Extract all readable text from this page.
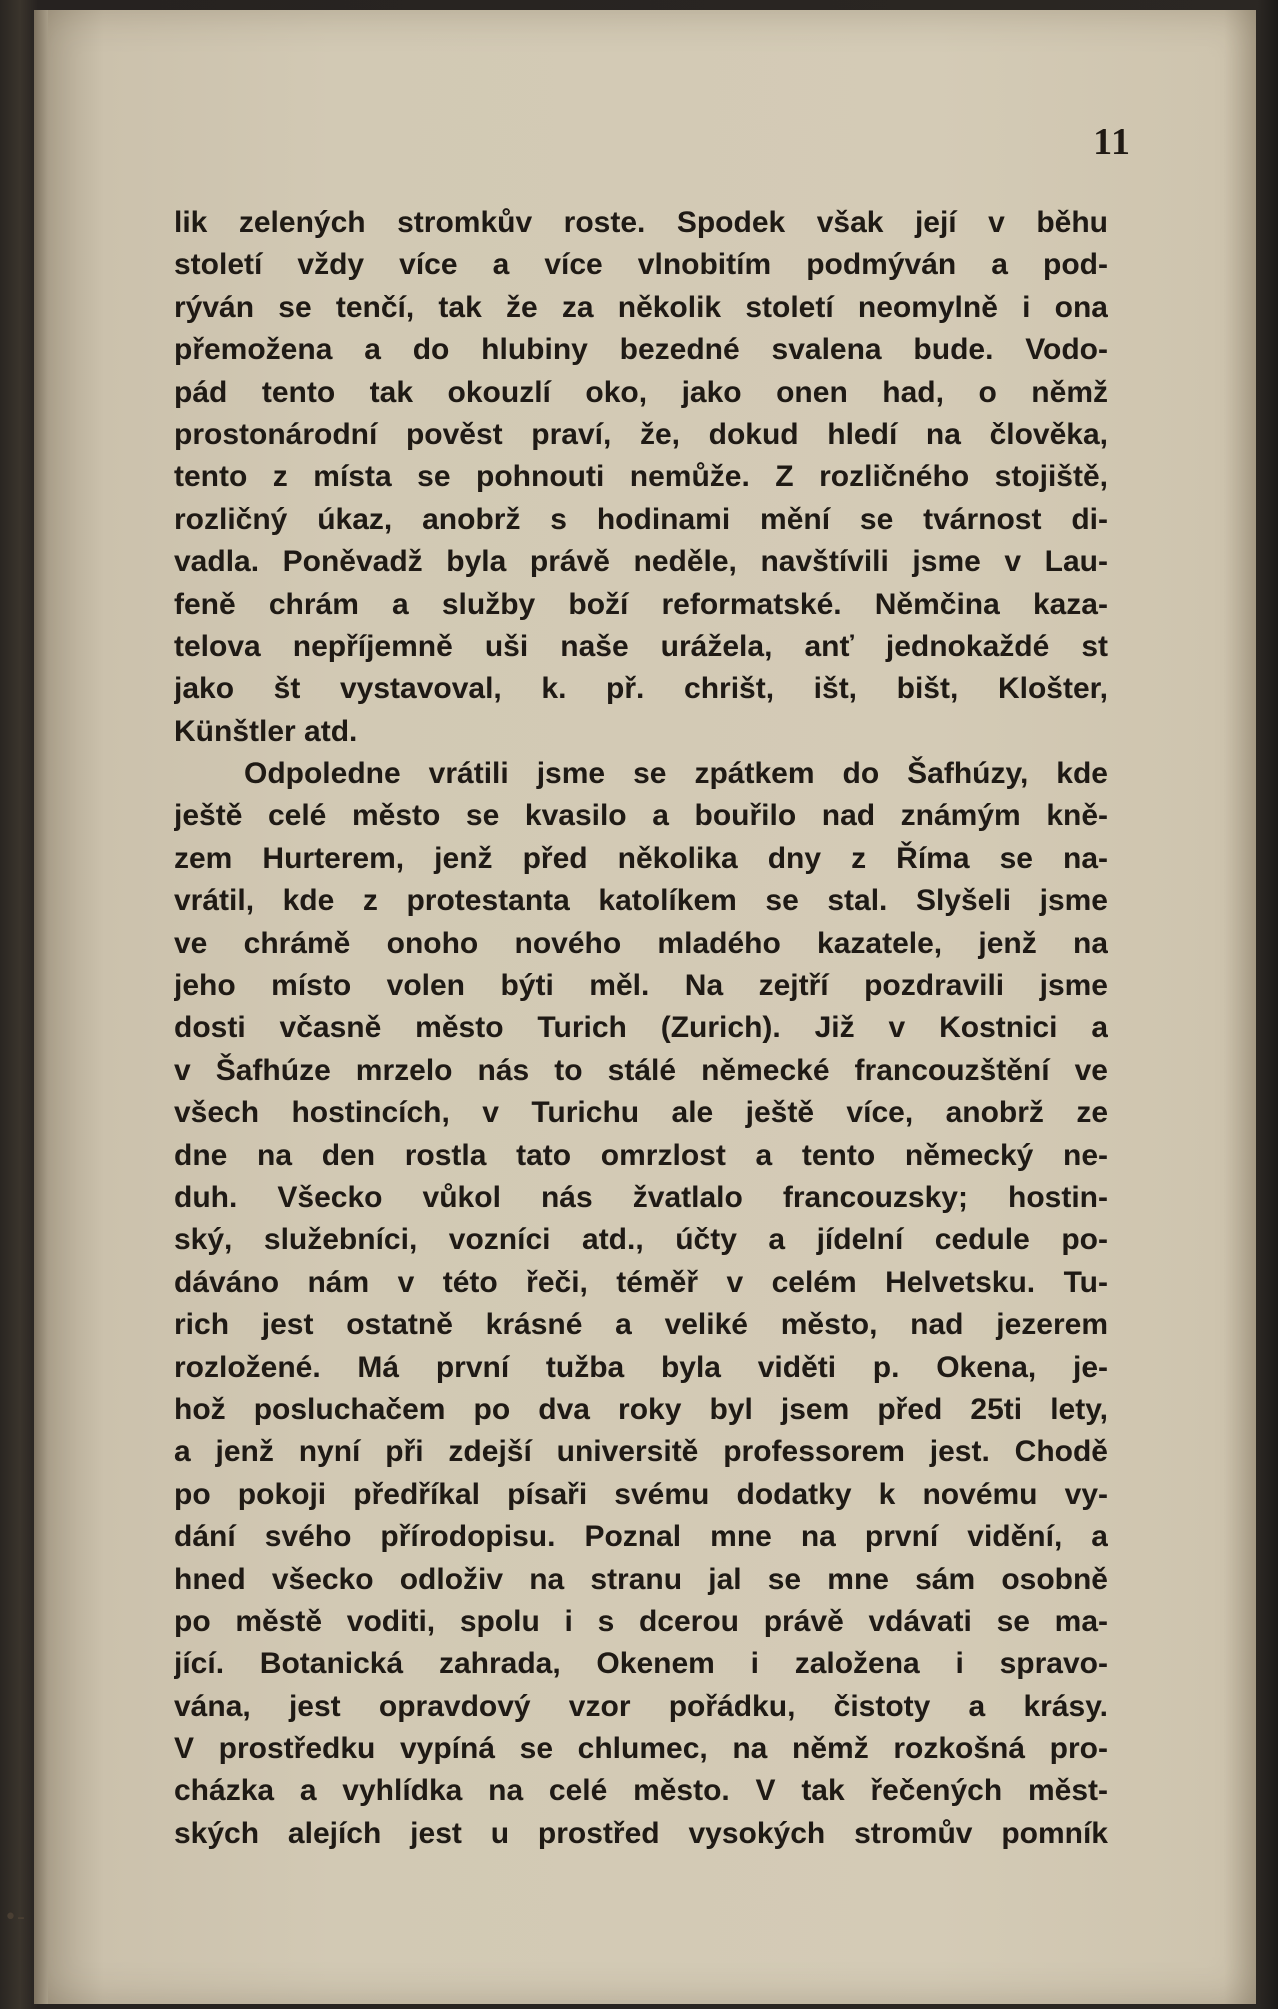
11

lik zelených stromkův roste. Spodek však její v běhu
století vždy více a více vlnobitím podmýván a pod-
rýván se tenčí, tak že za několik století neomylně i ona
přemožena a do hlubiny bezedné svalena bude. Vodo-
pád tento tak okouzlí oko, jako onen had, o němž
prostonárodní pověst praví, že, dokud hledí na člověka,
tento z místa se pohnouti nemůže. Z rozličného stojiště,
rozličný úkaz, anobrž s hodinami mění se tvárnost di-
vadla. Poněvadž byla právě neděle, navštívili jsme v Lau-
feně chrám a služby boží reformatské. Němčina kaza-
telova nepříjemně uši naše urážela, anť jednokaždé st
jako št vystavoval, k. př. chrišt, išt, bišt, Klošter,
Künštler atd.
Odpoledne vrátili jsme se zpátkem do Šafhúzy, kde
ještě celé město se kvasilo a bouřilo nad známým kně-
zem Hurterem, jenž před několika dny z Říma se na-
vrátil, kde z protestanta katolíkem se stal. Slyšeli jsme
ve chrámě onoho nového mladého kazatele, jenž na
jeho místo volen býti měl. Na zejtří pozdravili jsme
dosti včasně město Turich (Zurich). Již v Kostnici a
v Šafhúze mrzelo nás to stálé německé francouzštění ve
všech hostincích, v Turichu ale ještě více, anobrž ze
dne na den rostla tato omrzlost a tento německý ne-
duh. Všecko vůkol nás žvatlalo francouzsky; hostin-
ský, služebníci, vozníci atd., účty a jídelní cedule po-
dáváno nám v této řeči, téměř v celém Helvetsku. Tu-
rich jest ostatně krásné a veliké město, nad jezerem
rozložené. Má první tužba byla viděti p. Okena, je-
hož posluchačem po dva roky byl jsem před 25ti lety,
a jenž nyní při zdejší universitě professorem jest. Chodě
po pokoji předříkal písaři svému dodatky k novému vy-
dání svého přírodopisu. Poznal mne na první vidění, a
hned všecko odloživ na stranu jal se mne sám osobně
po městě voditi, spolu i s dcerou právě vdávati se ma-
jící. Botanická zahrada, Okenem i založena i spravo-
vána, jest opravdový vzor pořádku, čistoty a krásy.
V prostředku vypíná se chlumec, na němž rozkošná pro-
cházka a vyhlídka na celé město. V tak řečených měst-
ských alejích jest u prostřed vysokých stromův pomník
•-
